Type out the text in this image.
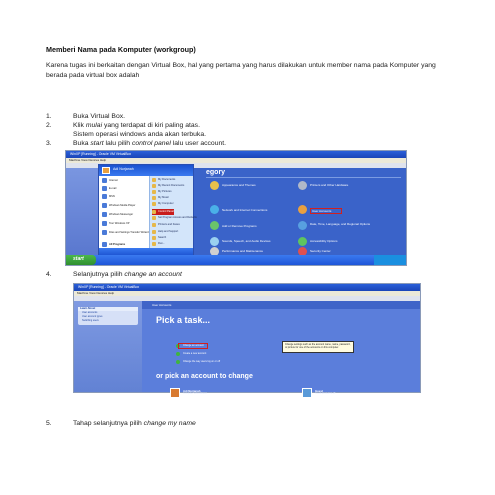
Memberi Nama pada Komputer (workgroup)
Karena tugas ini berkaitan dengan Virtual Box, hal yang pertama yang harus dilakukan untuk member nama pada Komputer yang berada pada virtual box adalah
1.	Buka Virtual Box.
2.	Klik mulai yang terdapat di kiri paling atas.
Sistem operasi windows anda akan terbuka.
3.	Buka start lalu pilih control panel lalu user account.
WinXP [Running] - Oracle VM VirtualBox
Machine View Devices Help
egory
Appearance and Themes	Printers and Other Hardware
Network and Internet Connections	User Accounts
Add or Remove Programs	Date, Time, Language, and Regional Options
Sounds, Speech, and Audio Devices	Accessibility Options
Performance and Maintenance	Security Center
Adi Nurjanah
Internet
E-mail
MSN
Windows Media Player
Windows Messenger
Tour Windows XP
Files and Settings Transfer Wizard
All Programs
My Documents
My Recent Documents
My Pictures
My Music
My Computer
Control Panel
Set Program Access and Defaults
Printers and Faxes
Help and Support
Search
Run...
start
4.	Selanjutnya pilih change an account
WinXP [Running] - Oracle VM VirtualBox
Machine View Devices Help
Learn About
User accounts
User account types
Switching users
User Accounts
Pick a task...
Change an account
Create a new account
Change the way users log on or off
Change settings such as the account name, name, password, or picture for one of the accounts on this computer.
or pick an account to change
Adi Nurjanah
Computer administrator
Guest
Guest account is off
5.	Tahap selanjutnya pilih change my name
